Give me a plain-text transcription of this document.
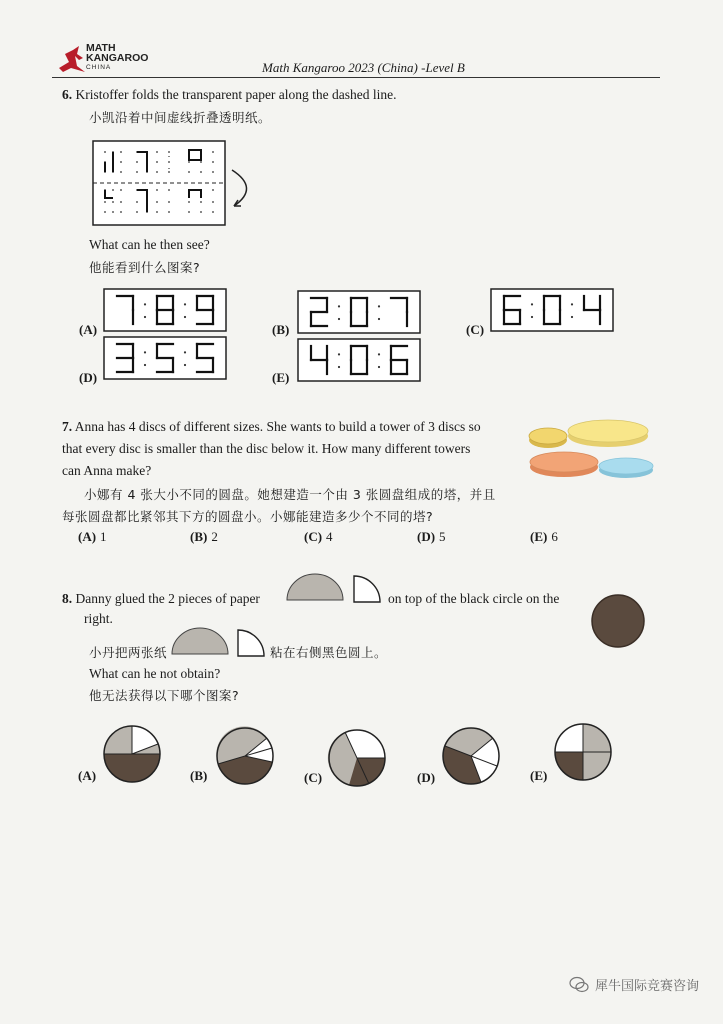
MATH
KANGAROO
CHINA	Math Kangaroo 2023 (China) -Level B
6. Kristoffer folds the transparent paper along the dashed line.
小凯沿着中间虚线折叠透明纸。
What can he then see?
他能看到什么图案?
(A)	(B)	(C)
(D)	(E)
7. Anna has 4 discs of different sizes. She wants to build a tower of 3 discs so
that every disc is smaller than the disc below it. How many different towers
can Anna make?
小娜有 4 张大小不同的圆盘。她想建造一个由 3 张圆盘组成的塔，并且
每张圆盘都比紧邻其下方的圆盘小。小娜能建造多少个不同的塔?
(A) 1	(B) 2	(C) 4	(D) 5	(E) 6
8. Danny glued the 2 pieces of paper	on top of the black circle on the
right.
小丹把两张纸	粘在右侧黑色圆上。
What can he not obtain?
他无法获得以下哪个图案?
(A)	(B)	(C)	(D)	(E)
犀牛国际竞赛咨询
